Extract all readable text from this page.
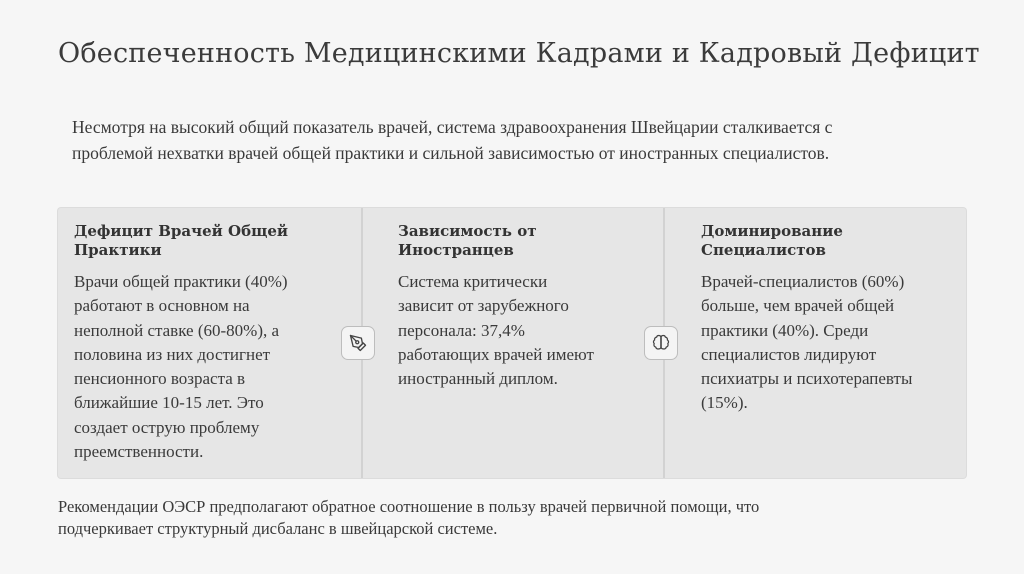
Обеспеченность Медицинскими Кадрами и Кадровый Дефицит
Несмотря на высокий общий показатель врачей, система здравоохранения Швейцарии сталкивается с
проблемой нехватки врачей общей практики и сильной зависимостью от иностранных специалистов.
Дефицит Врачей Общей
Практики
Врачи общей практики (40%)
работают в основном на
неполной ставке (60-80%), а
половина из них достигнет
пенсионного возраста в
ближайшие 10-15 лет. Это
создает острую проблему
преемственности.
Зависимость от Иностранцев
Система критически
зависит от зарубежного
персонала: 37,4%
работающих врачей имеют
иностранный диплом.
Доминирование Специалистов
Врачей-специалистов (60%)
больше, чем врачей общей
практики (40%). Среди
специалистов лидируют
психиатры и психотерапевты
(15%).
Рекомендации ОЭСР предполагают обратное соотношение в пользу врачей первичной помощи, что
подчеркивает структурный дисбаланс в швейцарской системе.
